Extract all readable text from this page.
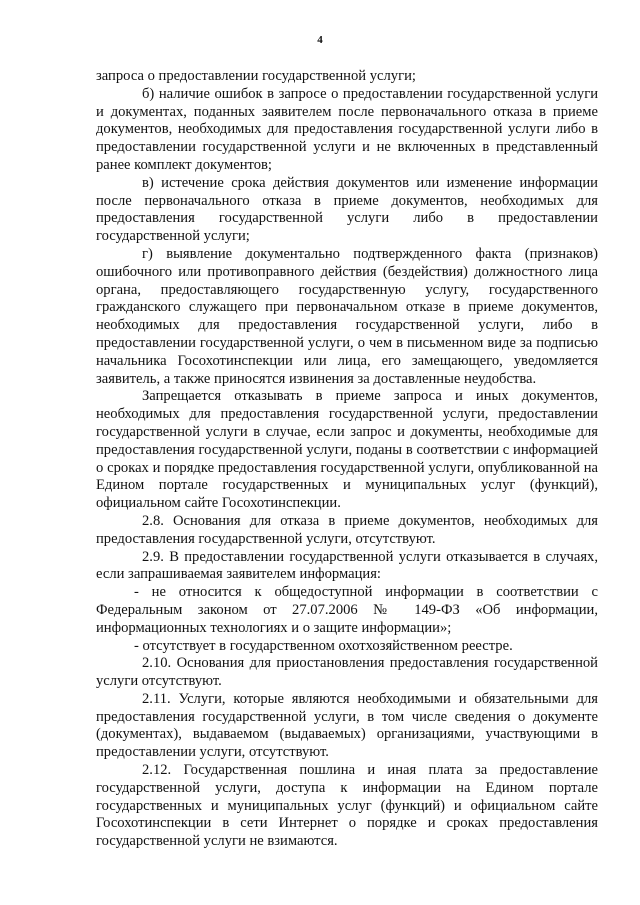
4

запроса о предоставлении государственной услуги;

б) наличие ошибок в запросе о предоставлении государственной услуги и документах, поданных заявителем после первоначального отказа в приеме документов, необходимых для предоставления государственной услуги либо в предоставлении государственной услуги и не включенных в представленный ранее комплект документов;

в) истечение срока действия документов или изменение информации после первоначального отказа в приеме документов, необходимых для предоставления государственной услуги либо в предоставлении государственной услуги;

г) выявление документально подтвержденного факта (признаков) ошибочного или противоправного действия (бездействия) должностного лица органа, предоставляющего государственную услугу, государственного гражданского служащего при первоначальном отказе в приеме документов, необходимых для предоставления государственной услуги, либо в предоставлении государственной услуги, о чем в письменном виде за подписью начальника Госохотинспекции или лица, его замещающего, уведомляется заявитель, а также приносятся извинения за доставленные неудобства.

Запрещается отказывать в приеме запроса и иных документов, необходимых для предоставления государственной услуги, предоставлении государственной услуги в случае, если запрос и документы, необходимые для предоставления государственной услуги, поданы в соответствии с информацией о сроках и порядке предоставления государственной услуги, опубликованной на Едином портале государственных и муниципальных услуг (функций), официальном сайте Госохотинспекции.

2.8. Основания для отказа в приеме документов, необходимых для предоставления государственной услуги, отсутствуют.

2.9. В предоставлении государственной услуги отказывается в случаях, если запрашиваемая заявителем информация:

- не относится к общедоступной информации в соответствии с Федеральным законом от 27.07.2006 № 149-ФЗ «Об информации, информационных технологиях и о защите информации»;

- отсутствует в государственном охотхозяйственном реестре.

2.10. Основания для приостановления предоставления государственной услуги отсутствуют.

2.11. Услуги, которые являются необходимыми и обязательными для предоставления государственной услуги, в том числе сведения о документе (документах), выдаваемом (выдаваемых) организациями, участвующими в предоставлении услуги, отсутствуют.

2.12. Государственная пошлина и иная плата за предоставление государственной услуги, доступа к информации на Едином портале государственных и муниципальных услуг (функций) и официальном сайте Госохотинспекции в сети Интернет о порядке и сроках предоставления государственной услуги не взимаются.
